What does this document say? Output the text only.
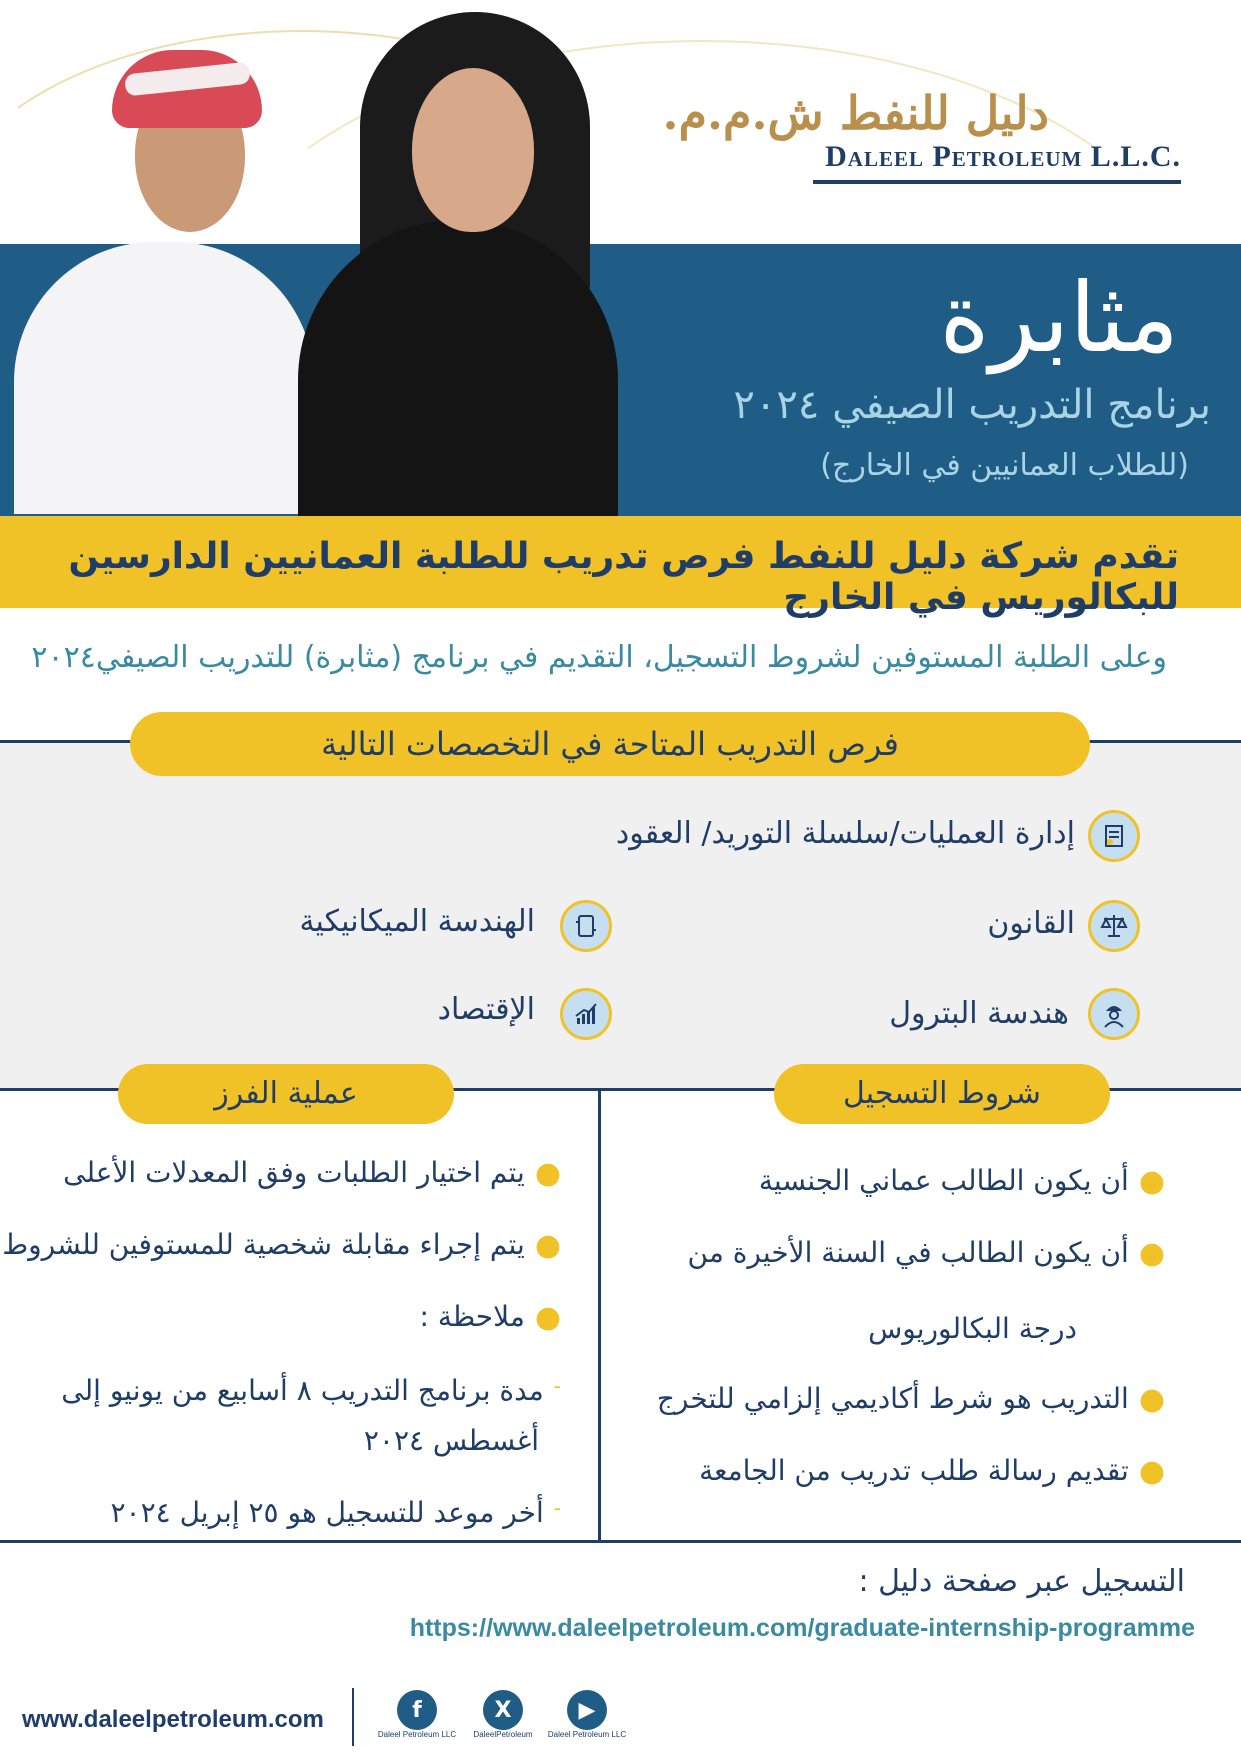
دليل للنفط ش.م.م.
Daleel Petroleum L.L.C.
مثابرة
برنامج التدريب الصيفي ٢٠٢٤
(للطلاب العمانيين في الخارج)
تقدم شركة دليل للنفط فرص تدريب للطلبة العمانيين الدارسين للبكالوريس في الخارج
وعلى الطلبة المستوفين لشروط التسجيل، التقديم في برنامج (مثابرة) للتدريب الصيفي٢٠٢٤
فرص التدريب المتاحة في التخصصات التالية
إدارة العمليات/سلسلة التوريد/ العقود
القانون
الهندسة الميكانيكية
هندسة البترول
الإقتصاد
عملية الفرز	شروط التسجيل
●
أن يكون الطالب عماني الجنسية
●
أن يكون الطالب في السنة الأخيرة من
درجة البكالوريوس
●
التدريب هو شرط أكاديمي إلزامي للتخرج
●
تقديم رسالة طلب تدريب من الجامعة
●
يتم اختيار الطلبات وفق المعدلات الأعلى
●
يتم إجراء مقابلة شخصية للمستوفين للشروط
●
ملاحظة :
-
مدة برنامج التدريب ٨ أسابيع من يونيو إلى
أغسطس ٢٠٢٤
-
أخر موعد للتسجيل هو ٢٥ إبريل ٢٠٢٤
التسجيل عبر صفحة دليل :
https://www.daleelpetroleum.com/graduate-internship-programme
www.daleelpetroleum.com	f
Daleel Petroleum LLC
X
DaleelPetroleum
▶
Daleel Petroleum LLC
